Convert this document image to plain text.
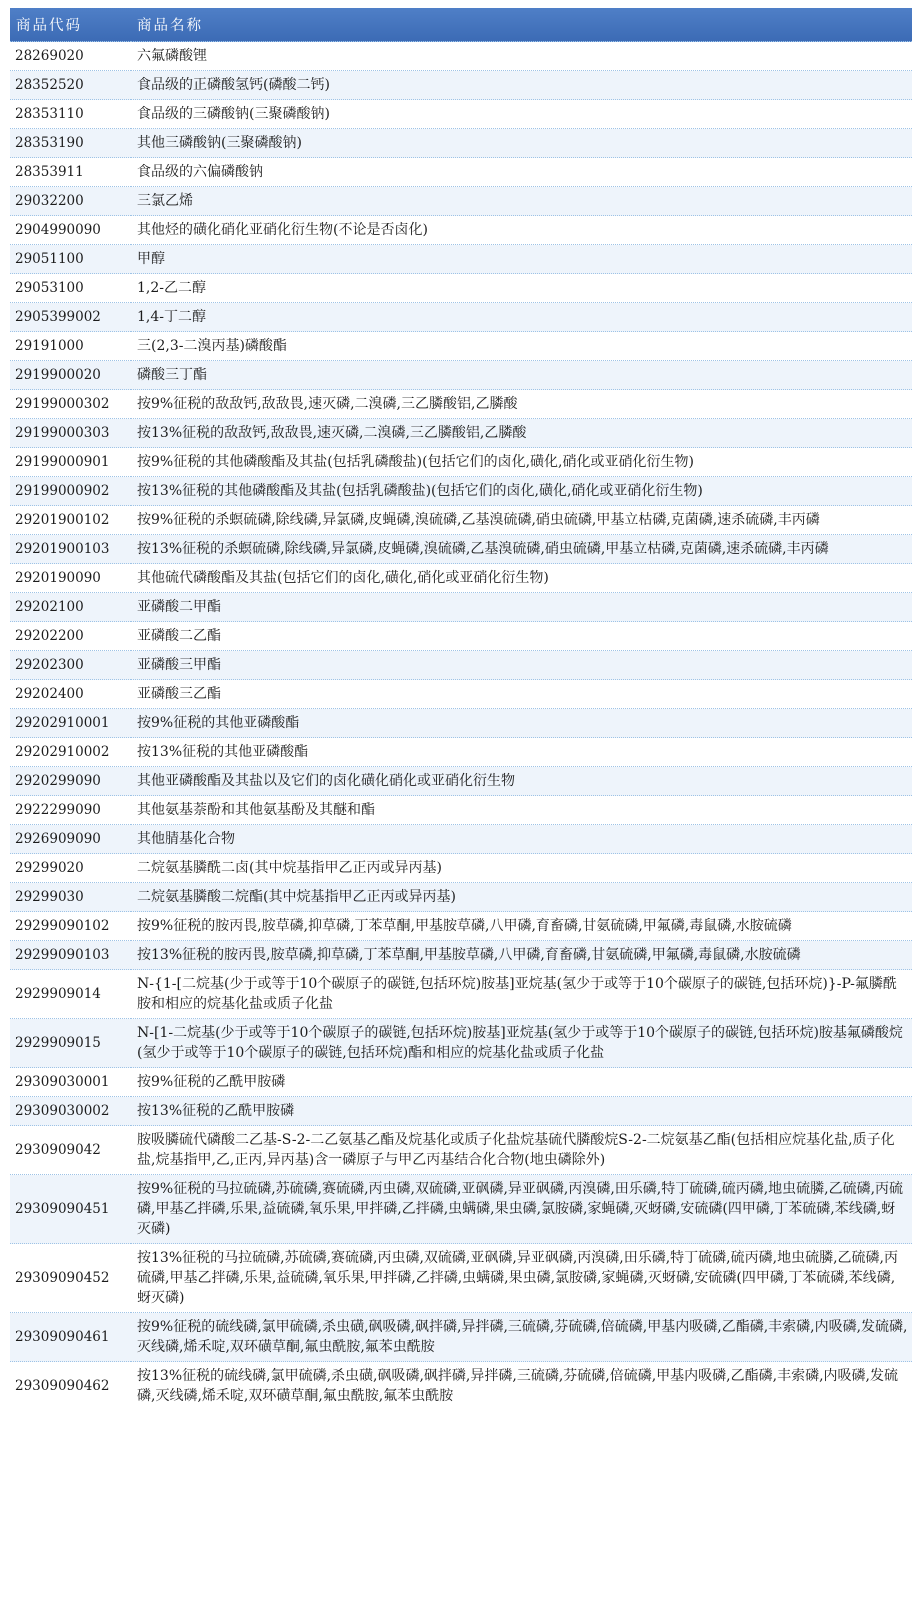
商品代码	商品名称
28269020	六氟磷酸锂
28352520	食品级的正磷酸氢钙(磷酸二钙)
28353110	食品级的三磷酸钠(三聚磷酸钠)
28353190	其他三磷酸钠(三聚磷酸钠)
28353911	食品级的六偏磷酸钠
29032200	三氯乙烯
2904990090	其他烃的磺化硝化亚硝化衍生物(不论是否卤化)
29051100	甲醇
29053100	1,2-乙二醇
2905399002	1,4-丁二醇
29191000	三(2,3-二溴丙基)磷酸酯
2919900020	磷酸三丁酯
29199000302	按9%征税的敌敌钙,敌敌畏,速灭磷,二溴磷,三乙膦酸铝,乙膦酸
29199000303	按13%征税的敌敌钙,敌敌畏,速灭磷,二溴磷,三乙膦酸铝,乙膦酸
29199000901	按9%征税的其他磷酸酯及其盐(包括乳磷酸盐)(包括它们的卤化,磺化,硝化或亚硝化衍生物)
29199000902	按13%征税的其他磷酸酯及其盐(包括乳磷酸盐)(包括它们的卤化,磺化,硝化或亚硝化衍生物)
29201900102	按9%征税的杀螟硫磷,除线磷,异氯磷,皮蝇磷,溴硫磷,乙基溴硫磷,硝虫硫磷,甲基立枯磷,克菌磷,速杀硫磷,丰丙磷
29201900103	按13%征税的杀螟硫磷,除线磷,异氯磷,皮蝇磷,溴硫磷,乙基溴硫磷,硝虫硫磷,甲基立枯磷,克菌磷,速杀硫磷,丰丙磷
2920190090	其他硫代磷酸酯及其盐(包括它们的卤化,磺化,硝化或亚硝化衍生物)
29202100	亚磷酸二甲酯
29202200	亚磷酸二乙酯
29202300	亚磷酸三甲酯
29202400	亚磷酸三乙酯
29202910001	按9%征税的其他亚磷酸酯
29202910002	按13%征税的其他亚磷酸酯
2920299090	其他亚磷酸酯及其盐以及它们的卤化磺化硝化或亚硝化衍生物
2922299090	其他氨基萘酚和其他氨基酚及其醚和酯
2926909090	其他腈基化合物
29299020	二烷氨基膦酰二卤(其中烷基指甲乙正丙或异丙基)
29299030	二烷氨基膦酸二烷酯(其中烷基指甲乙正丙或异丙基)
29299090102	按9%征税的胺丙畏,胺草磷,抑草磷,丁苯草酮,甲基胺草磷,八甲磷,育畜磷,甘氨硫磷,甲氟磷,毒鼠磷,水胺硫磷
29299090103	按13%征税的胺丙畏,胺草磷,抑草磷,丁苯草酮,甲基胺草磷,八甲磷,育畜磷,甘氨硫磷,甲氟磷,毒鼠磷,水胺硫磷
2929909014	N-{1-[二烷基(少于或等于10个碳原子的碳链,包括环烷)胺基]亚烷基(氢少于或等于10个碳原子的碳链,包括环烷)}-P-氟膦酰胺和相应的烷基化盐或质子化盐
2929909015	N-[1-二烷基(少于或等于10个碳原子的碳链,包括环烷)胺基]亚烷基(氢少于或等于10个碳原子的碳链,包括环烷)胺基氟磷酸烷(氢少于或等于10个碳原子的碳链,包括环烷)酯和相应的烷基化盐或质子化盐
29309030001	按9%征税的乙酰甲胺磷
29309030002	按13%征税的乙酰甲胺磷
2930909042	胺吸膦硫代磷酸二乙基-S-2-二乙氨基乙酯及烷基化或质子化盐烷基硫代膦酸烷S-2-二烷氨基乙酯(包括相应烷基化盐,质子化盐,烷基指甲,乙,正丙,异丙基)含一磷原子与甲乙丙基结合化合物(地虫磷除外)
29309090451	按9%征税的马拉硫磷,苏硫磷,赛硫磷,丙虫磷,双硫磷,亚砜磷,异亚砜磷,丙溴磷,田乐磷,特丁硫磷,硫丙磷,地虫硫膦,乙硫磷,丙硫磷,甲基乙拌磷,乐果,益硫磷,氧乐果,甲拌磷,乙拌磷,虫螨磷,果虫磷,氯胺磷,家蝇磷,灭蚜磷,安硫磷(四甲磷,丁苯硫磷,苯线磷,蚜灭磷)
29309090452	按13%征税的马拉硫磷,苏硫磷,赛硫磷,丙虫磷,双硫磷,亚砜磷,异亚砜磷,丙溴磷,田乐磷,特丁硫磷,硫丙磷,地虫硫膦,乙硫磷,丙硫磷,甲基乙拌磷,乐果,益硫磷,氧乐果,甲拌磷,乙拌磷,虫螨磷,果虫磷,氯胺磷,家蝇磷,灭蚜磷,安硫磷(四甲磷,丁苯硫磷,苯线磷,蚜灭磷)
29309090461	按9%征税的硫线磷,氯甲硫磷,杀虫磺,砜吸磷,砜拌磷,异拌磷,三硫磷,芬硫磷,倍硫磷,甲基内吸磷,乙酯磷,丰索磷,内吸磷,发硫磷,灭线磷,烯禾啶,双环磺草酮,氟虫酰胺,氟苯虫酰胺
29309090462	按13%征税的硫线磷,氯甲硫磷,杀虫磺,砜吸磷,砜拌磷,异拌磷,三硫磷,芬硫磷,倍硫磷,甲基内吸磷,乙酯磷,丰索磷,内吸磷,发硫磷,灭线磷,烯禾啶,双环磺草酮,氟虫酰胺,氟苯虫酰胺
